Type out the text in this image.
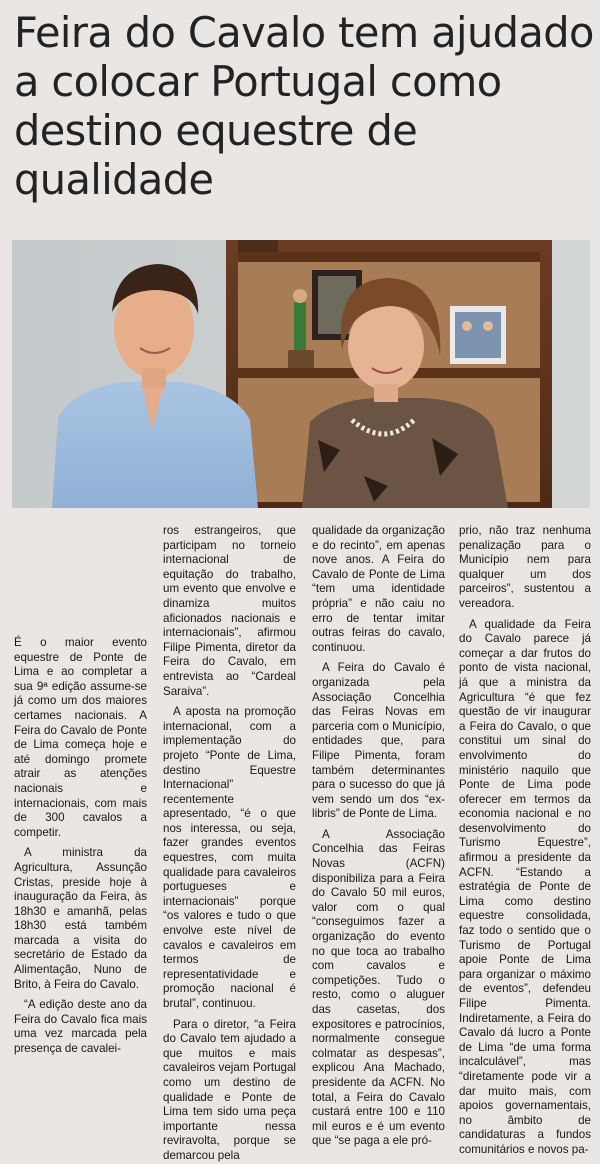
Feira do Cavalo tem ajudado a colocar Portugal como destino equestre de qualidade

É o maior evento equestre de Ponte de Lima e ao completar a sua 9ª edição assume-se já como um dos maiores certames nacionais. A Feira do Cavalo de Ponte de Lima começa hoje e até domingo promete atrair as atenções nacionais e internacionais, com mais de 300 cavalos a competir.

A ministra da Agricultura, Assunção Cristas, preside hoje à inauguração da Feira, às 18h30 e amanhã, pelas 18h30 está também marcada a visita do secretário de Estado da Alimentação, Nuno de Brito, à Feira do Cavalo.

“A edição deste ano da Feira do Cavalo fica mais uma vez marcada pela presença de cavalei-

ros estrangeiros, que participam no torneio internacional de equitação do trabalho, um evento que envolve e dinamiza muitos aficionados nacionais e internacionais”, afirmou Filipe Pimenta, diretor da Feira do Cavalo, em entrevista ao “Cardeal Saraiva”.

A aposta na promoção internacional, com a implementação do projeto “Ponte de Lima, destino Equestre Internacional” recentemente apresentado, “é o que nos interessa, ou seja, fazer grandes eventos equestres, com muita qualidade para cavaleiros portugueses e internacionais” porque “os valores e tudo o que envolve este nível de cavalos e cavaleiros em termos de representatividade e promoção nacional é brutal”, continuou.

Para o diretor, “a Feira do Cavalo tem ajudado a que muitos e mais cavaleiros vejam Portugal como um destino de qualidade e Ponte de Lima tem sido uma peça importante nessa reviravolta, porque se demarcou pela

qualidade da organização e do recinto”, em apenas nove anos. A Feira do Cavalo de Ponte de Lima “tem uma identidade própria” e não caiu no erro de tentar imitar outras feiras do cavalo, continuou.

A Feira do Cavalo é organizada pela Associação Concelhia das Feiras Novas em parceria com o Município, entidades que, para Filipe Pimenta, foram também determinantes para o sucesso do que já vem sendo um dos “ex-libris” de Ponte de Lima.

A Associação Concelhia das Feiras Novas (ACFN) disponibiliza para a Feira do Cavalo 50 mil euros, valor com o qual “conseguimos fazer a organização do evento no que toca ao trabalho com cavalos e competições. Tudo o resto, como o aluguer das casetas, dos expositores e patrocínios, normalmente consegue colmatar as despesas”, explicou Ana Machado, presidente da ACFN. No total, a Feira do Cavalo custará entre 100 e 110 mil euros e é um evento que “se paga a ele pró-

prio, não traz nenhuma penalização para o Município nem para qualquer um dos parceiros”, sustentou a vereadora.

A qualidade da Feira do Cavalo parece já começar a dar frutos do ponto de vista nacional, já que a ministra da Agricultura “é que fez questão de vir inaugurar a Feira do Cavalo, o que constitui um sinal do envolvimento do ministério naquilo que Ponte de Lima pode oferecer em termos da economia nacional e no desenvolvimento do Turismo Equestre”, afirmou a presidente da ACFN. “Estando a estratégia de Ponte de Lima como destino equestre consolidada, faz todo o sentido que o Turismo de Portugal apoie Ponte de Lima para organizar o máximo de eventos”, defendeu Filipe Pimenta. Indiretamente, a Feira do Cavalo dá lucro a Ponte de Lima “de uma forma incalculável”, mas “diretamente pode vir a dar muito mais, com apoios governamentais, no âmbito de candidaturas a fundos comunitários e novos pa-
